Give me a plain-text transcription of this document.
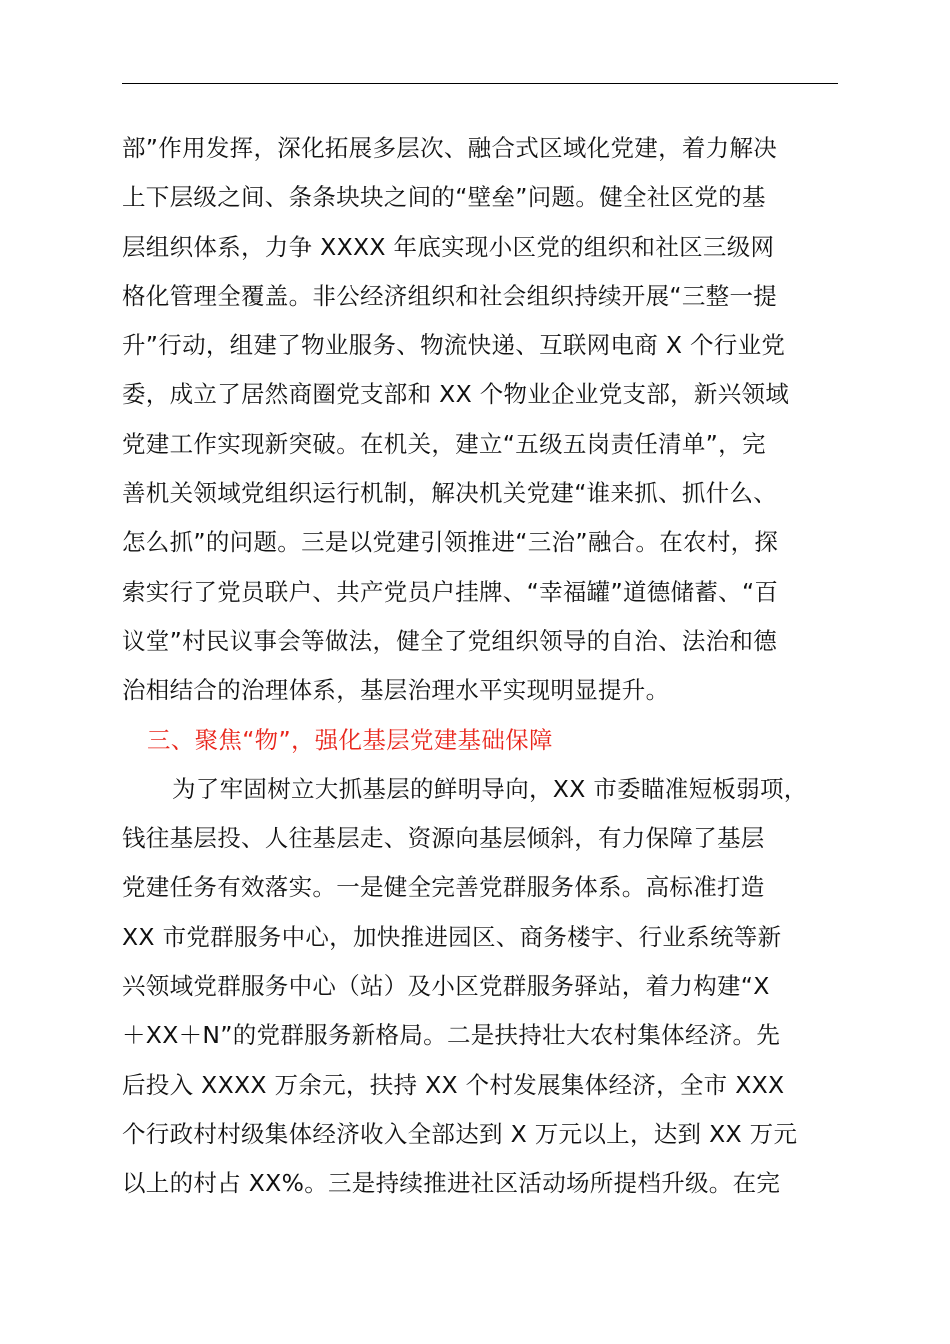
部”作用发挥，深化拓展多层次、融合式区域化党建，着力解决
上下层级之间、条条块块之间的“壁垒”问题。健全社区党的基
层组织体系，力争 XXXX 年底实现小区党的组织和社区三级网
格化管理全覆盖。非公经济组织和社会组织持续开展“三整一提
升”行动，组建了物业服务、物流快递、互联网电商 X 个行业党
委，成立了居然商圈党支部和 XX 个物业企业党支部，新兴领域
党建工作实现新突破。在机关，建立“五级五岗责任清单”，完
善机关领域党组织运行机制，解决机关党建“谁来抓、抓什么、
怎么抓”的问题。三是以党建引领推进“三治”融合。在农村，探
索实行了党员联户、共产党员户挂牌、“幸福罐”道德储蓄、“百
议堂”村民议事会等做法，健全了党组织领导的自治、法治和德
治相结合的治理体系，基层治理水平实现明显提升。
三、聚焦“物”，强化基层党建基础保障
为了牢固树立大抓基层的鲜明导向，XX 市委瞄准短板弱项，
钱往基层投、人往基层走、资源向基层倾斜，有力保障了基层
党建任务有效落实。一是健全完善党群服务体系。高标准打造
XX 市党群服务中心，加快推进园区、商务楼宇、行业系统等新
兴领域党群服务中心（站）及小区党群服务驿站，着力构建“X
＋XX＋N”的党群服务新格局。二是扶持壮大农村集体经济。先
后投入 XXXX 万余元，扶持 XX 个村发展集体经济，全市 XXX
个行政村村级集体经济收入全部达到 X 万元以上，达到 XX 万元
以上的村占 XX%。三是持续推进社区活动场所提档升级。在完
